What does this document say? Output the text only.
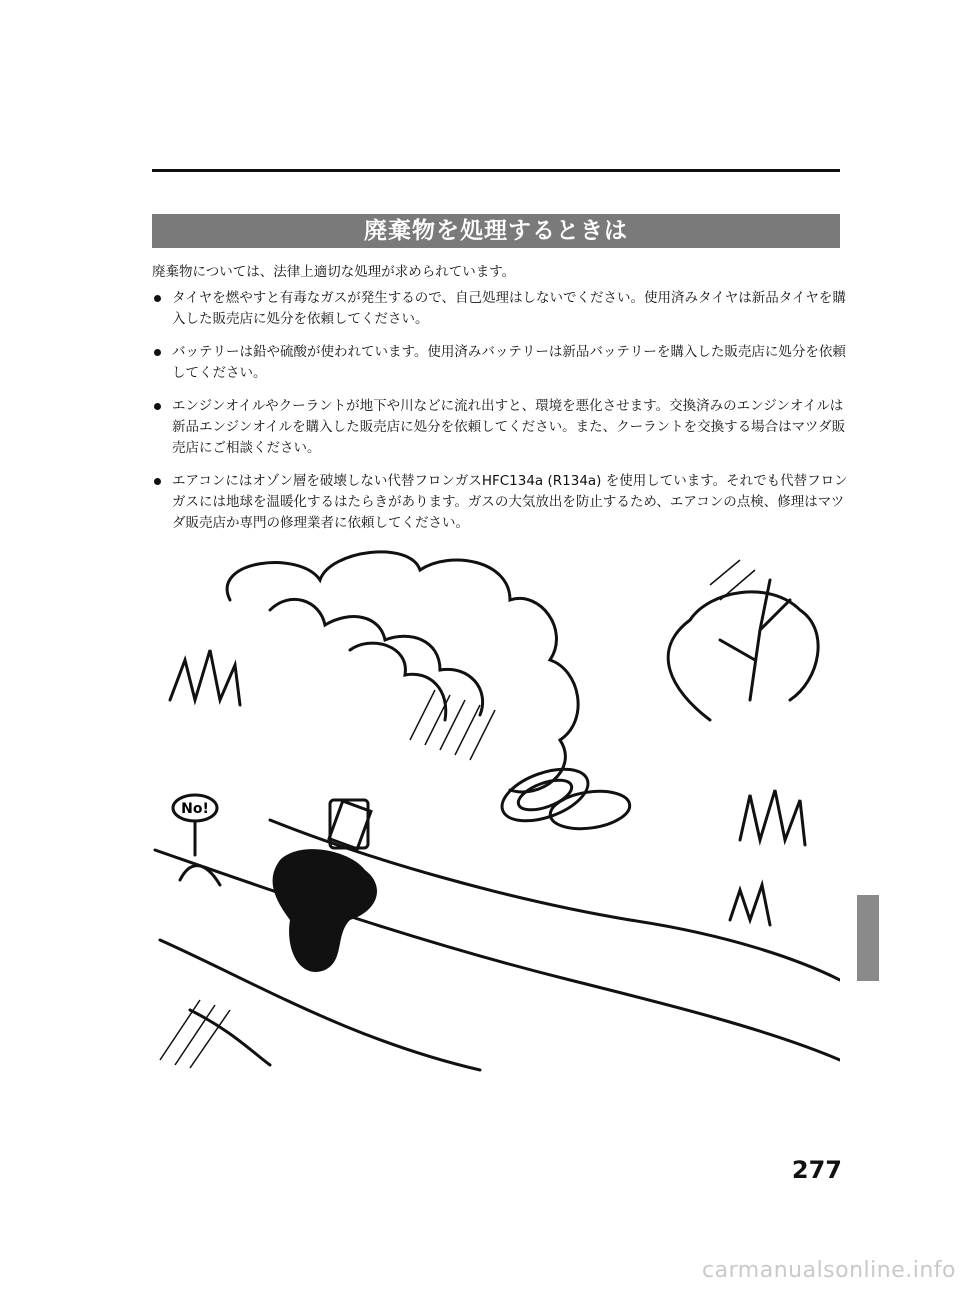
廃棄物を処理するときは
廃棄物については、法律上適切な処理が求められています。
タイヤを燃やすと有毒なガスが発生するので、自己処理はしないでください。使用済みタイヤは新品タイヤを購入した販売店に処分を依頼してください。
バッテリーは鉛や硫酸が使われています。使用済みバッテリーは新品バッテリーを購入した販売店に処分を依頼してください。
エンジンオイルやクーラントが地下や川などに流れ出すと、環境を悪化させます。交換済みのエンジンオイルは新品エンジンオイルを購入した販売店に処分を依頼してください。また、クーラントを交換する場合はマツダ販売店にご相談ください。
エアコンにはオゾン層を破壊しない代替フロンガスHFC134a (R134a) を使用しています。それでも代替フロンガスには地球を温暖化するはたらきがあります。ガスの大気放出を防止するため、エアコンの点検、修理はマツダ販売店か専門の修理業者に依頼してください。
No!
277
carmanualsonline.info
